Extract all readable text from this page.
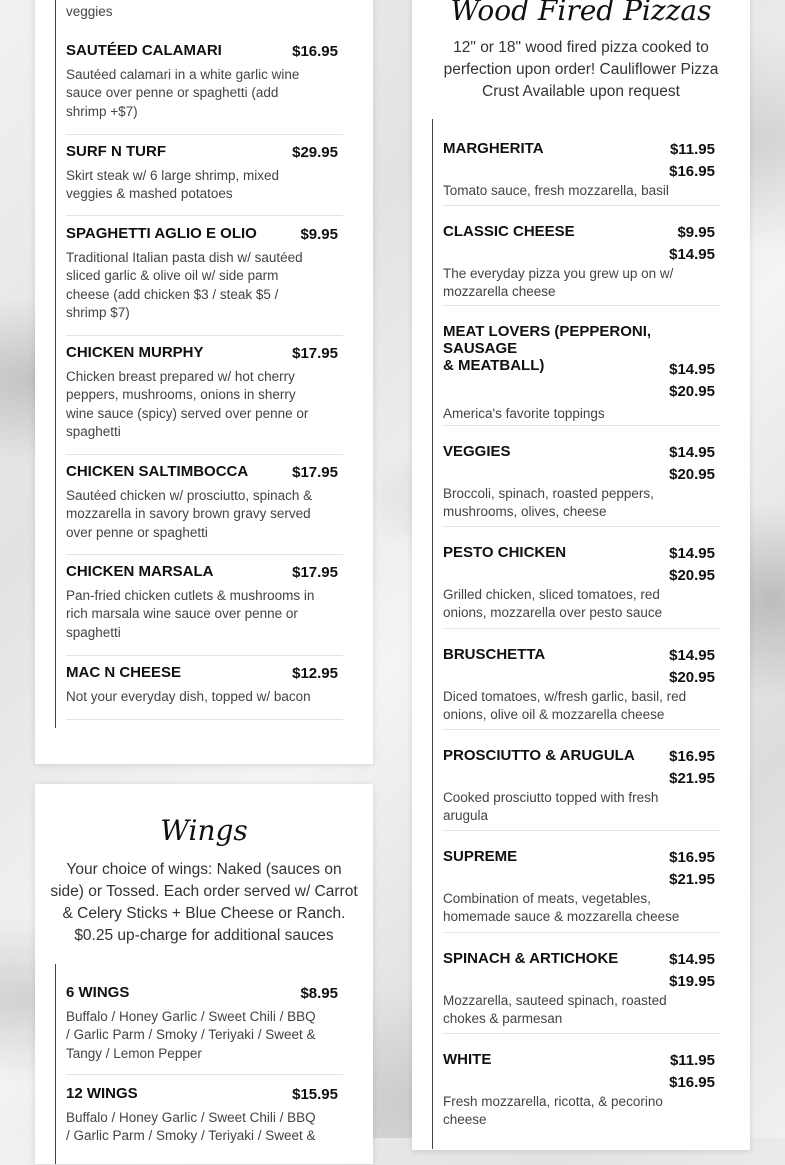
veggies
SAUTÉED CALAMARI	$16.95
Sautéed calamari in a white garlic wine
sauce over penne or spaghetti (add
shrimp +$7)
SURF N TURF	$29.95
Skirt steak w/ 6 large shrimp, mixed
veggies & mashed potatoes
SPAGHETTI AGLIO E OLIO	$9.95
Traditional Italian pasta dish w/ sautéed
sliced garlic & olive oil w/ side parm
cheese (add chicken $3 / steak $5 /
shrimp $7)
CHICKEN MURPHY	$17.95
Chicken breast prepared w/ hot cherry
peppers, mushrooms, onions in sherry
wine sauce (spicy) served over penne or
spaghetti
CHICKEN SALTIMBOCCA	$17.95
Sautéed chicken w/ prosciutto, spinach &
mozzarella in savory brown gravy served
over penne or spaghetti
CHICKEN MARSALA	$17.95
Pan-fried chicken cutlets & mushrooms in
rich marsala wine sauce over penne or
spaghetti
MAC N CHEESE	$12.95
Not your everyday dish, topped w/ bacon
Wings
Your choice of wings: Naked (sauces on
side) or Tossed. Each order served w/ Carrot
& Celery Sticks + Blue Cheese or Ranch.
$0.25 up-charge for additional sauces
6 WINGS	$8.95
Buffalo / Honey Garlic / Sweet Chili / BBQ
/ Garlic Parm / Smoky / Teriyaki / Sweet &
Tangy / Lemon Pepper
12 WINGS	$15.95
Buffalo / Honey Garlic / Sweet Chili / BBQ
/ Garlic Parm / Smoky / Teriyaki / Sweet &
Wood Fired Pizzas
12" or 18" wood fired pizza cooked to
perfection upon order! Cauliflower Pizza
Crust Available upon request
MARGHERITA	$11.95
$16.95
Tomato sauce, fresh mozzarella, basil
CLASSIC CHEESE	$9.95
$14.95
The everyday pizza you grew up on w/
mozzarella cheese
MEAT LOVERS (PEPPERONI, SAUSAGE
& MEATBALL)	$14.95
$20.95
America's favorite toppings
VEGGIES	$14.95
$20.95
Broccoli, spinach, roasted peppers,
mushrooms, olives, cheese
PESTO CHICKEN	$14.95
$20.95
Grilled chicken, sliced tomatoes, red
onions, mozzarella over pesto sauce
BRUSCHETTA	$14.95
$20.95
Diced tomatoes, w/fresh garlic, basil, red
onions, olive oil & mozzarella cheese
PROSCIUTTO & ARUGULA	$16.95
$21.95
Cooked prosciutto topped with fresh
arugula
SUPREME	$16.95
$21.95
Combination of meats, vegetables,
homemade sauce & mozzarella cheese
SPINACH & ARTICHOKE	$14.95
$19.95
Mozzarella, sauteed spinach, roasted
chokes & parmesan
WHITE	$11.95
$16.95
Fresh mozzarella, ricotta, & pecorino
cheese
